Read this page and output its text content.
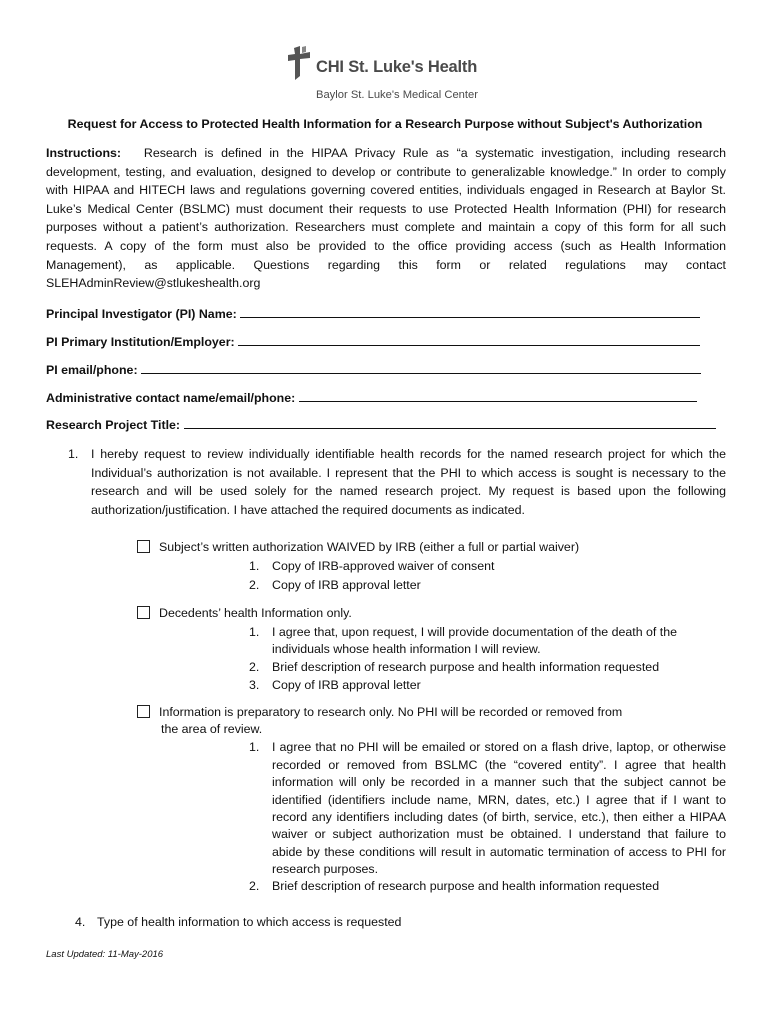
CHI St. Luke's Health
Baylor St. Luke's Medical Center
Request for Access to Protected Health Information for a Research Purpose without Subject's Authorization
Instructions: Research is defined in the HIPAA Privacy Rule as “a systematic investigation, including research
development, testing, and evaluation, designed to develop or contribute to generalizable knowledge.” In order to comply
with HIPAA and HITECH laws and regulations governing covered entities, individuals engaged in Research at Baylor St.
Luke’s Medical Center (BSLMC) must document their requests to use Protected Health Information (PHI) for research
purposes without a patient’s authorization. Researchers must complete and maintain a copy of this form for all such
requests. A copy of the form must also be provided to the office providing access (such as Health Information
Management), as applicable. Questions regarding this form or related regulations may contact
SLEHAdminReview@stlukeshealth.org
Principal Investigator (PI) Name:
PI Primary Institution/Employer:
PI email/phone:
Administrative contact name/email/phone:
Research Project Title:
1. I hereby request to review individually identifiable health records for the named research project for which the
Individual’s authorization is not available. I represent that the PHI to which access is sought is necessary to the
research and will be used solely for the named research project. My request is based upon the following
authorization/justification. I have attached the required documents as indicated.
Subject’s written authorization WAIVED by IRB (either a full or partial waiver)
1. Copy of IRB-approved waiver of consent
2. Copy of IRB approval letter
Decedents’ health Information only.
1. I agree that, upon request, I will provide documentation of the death of the
individuals whose health information I will review.
2. Brief description of research purpose and health information requested
3. Copy of IRB approval letter
Information is preparatory to research only. No PHI will be recorded or removed from
the area of review.
1. I agree that no PHI will be emailed or stored on a flash drive, laptop, or otherwise
recorded or removed from BSLMC (the “covered entity”. I agree that health
information will only be recorded in a manner such that the subject cannot be
identified (identifiers include name, MRN, dates, etc.) I agree that if I want to
record any identifiers including dates (of birth, service, etc.), then either a HIPAA
waiver or subject authorization must be obtained. I understand that failure to
abide by these conditions will result in automatic termination of access to PHI for
research purposes.
2. Brief description of research purpose and health information requested
4. Type of health information to which access is requested
Last Updated: 11-May-2016
